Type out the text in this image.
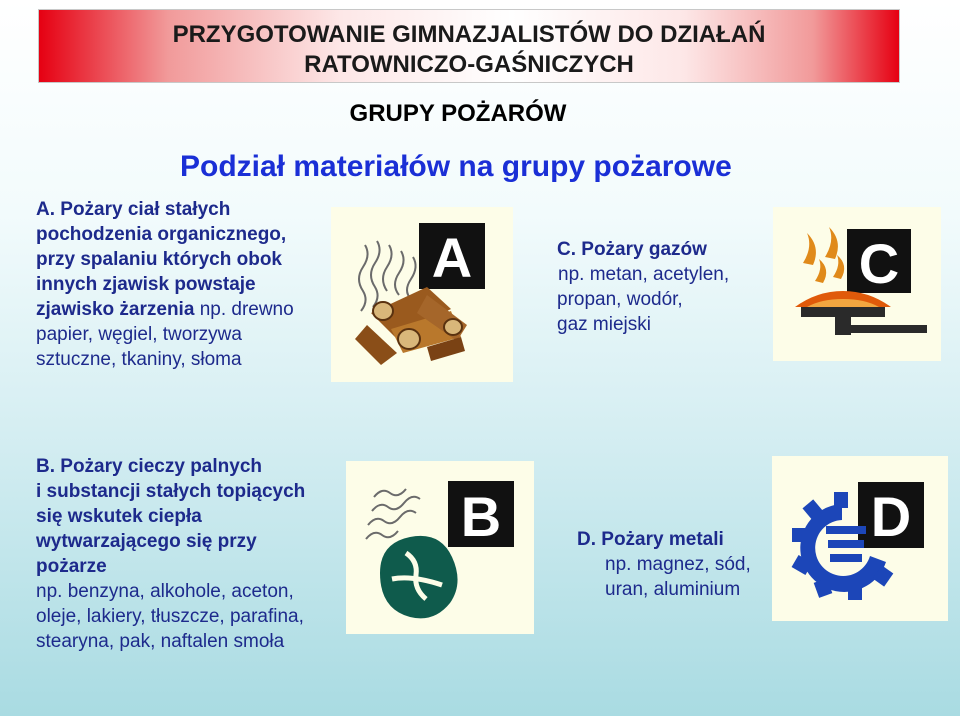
PRZYGOTOWANIE GIMNAZJALISTÓW DO DZIAŁAŃ
RATOWNICZO-GAŚNICZYCH
GRUPY POŻARÓW
Podział materiałów na grupy pożarowe
A. Pożary ciał stałych
pochodzenia organicznego,
przy spalaniu których obok
innych zjawisk powstaje
zjawisko żarzenia np. drewno
papier, węgiel, tworzywa
sztuczne, tkaniny, słoma
A	C. Pożary gazów
np. metan, acetylen,
propan, wodór,
gaz miejski
C
B. Pożary cieczy palnych
i substancji stałych topiących
się wskutek ciepła
wytwarzającego się przy
pożarze
np. benzyna, alkohole, aceton,
oleje, lakiery, tłuszcze, parafina,
stearyna, pak, naftalen smoła
B	D. Pożary metali
np. magnez, sód,
uran, aluminium
D
